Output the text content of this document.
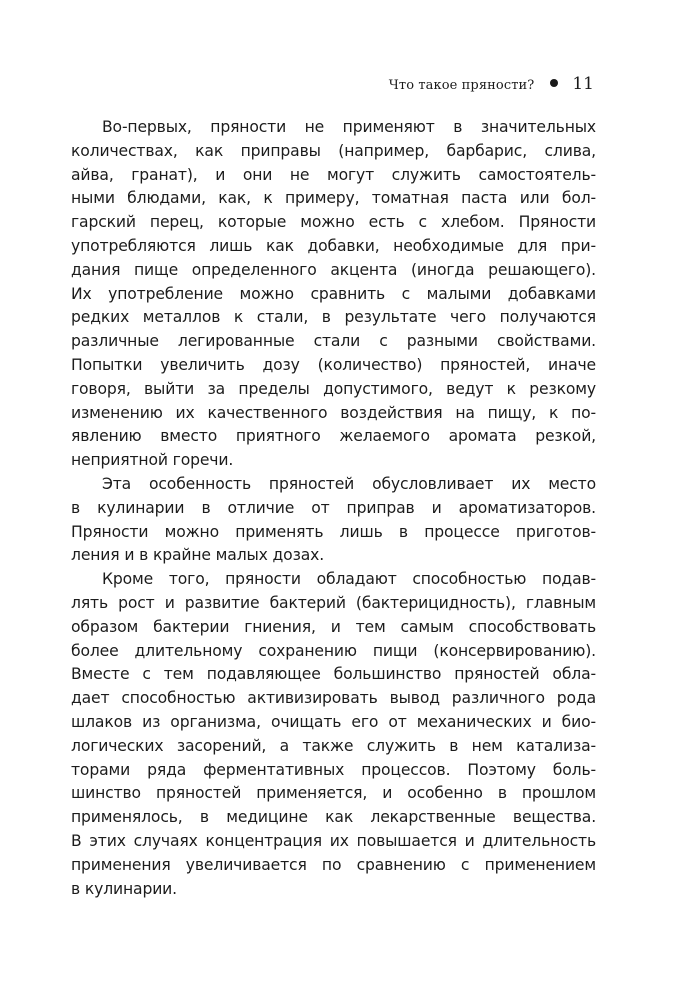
Что такое пряности? 11
Во-первых, пряности не применяют в значительных
количествах, как приправы (например, барбарис, слива,
айва, гранат), и они не могут служить самостоятель-
ными блюдами, как, к примеру, томатная паста или бол-
гарский перец, которые можно есть с хлебом. Пряности
употребляются лишь как добавки, необходимые для при-
дания пище определенного акцента (иногда решающего).
Их употребление можно сравнить с малыми добавками
редких металлов к стали, в результате чего получаются
различные легированные стали с разными свойствами.
Попытки увеличить дозу (количество) пряностей, иначе
говоря, выйти за пределы допустимого, ведут к резкому
изменению их качественного воздействия на пищу, к по-
явлению вместо приятного желаемого аромата резкой,
неприятной горечи.
Эта особенность пряностей обусловливает их место
в кулинарии в отличие от приправ и ароматизаторов.
Пряности можно применять лишь в процессе приготов-
ления и в крайне малых дозах.
Кроме того, пряности обладают способностью подав-
лять рост и развитие бактерий (бактерицидность), главным
образом бактерии гниения, и тем самым способствовать
более длительному сохранению пищи (консервированию).
Вместе с тем подавляющее большинство пряностей обла-
дает способностью активизировать вывод различного рода
шлаков из организма, очищать его от механических и био-
логических засорений, а также служить в нем катализа-
торами ряда ферментативных процессов. Поэтому боль-
шинство пряностей применяется, и особенно в прошлом
применялось, в медицине как лекарственные вещества.
В этих случаях концентрация их повышается и длительность
применения увеличивается по сравнению с применением
в кулинарии.
